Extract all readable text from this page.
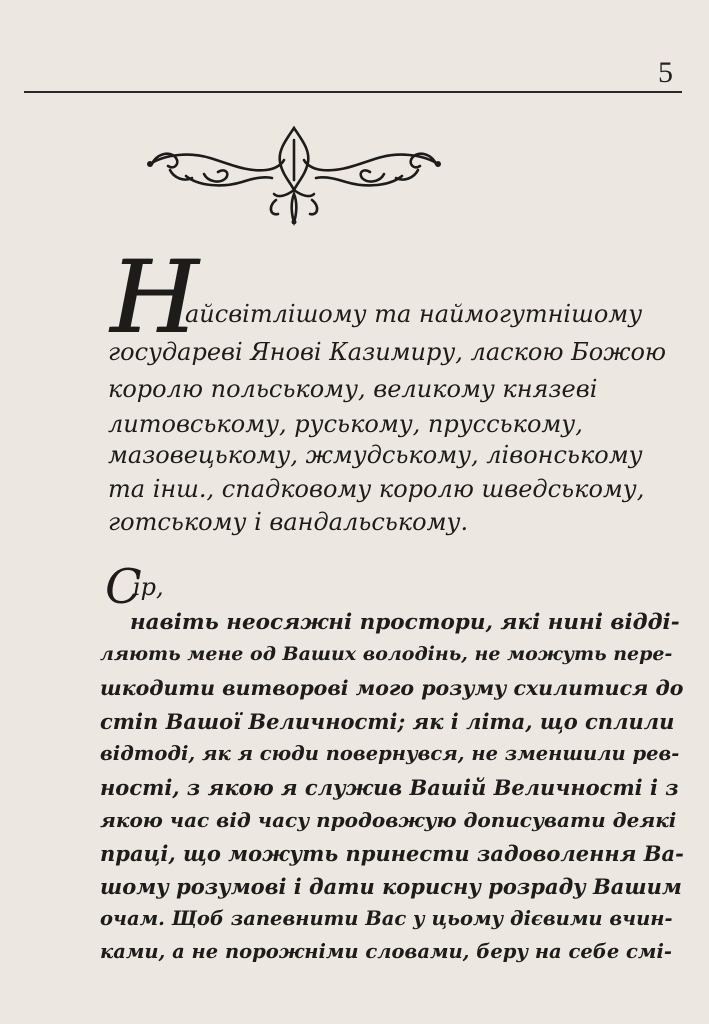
5
Н
айсвітлішому та наймогутнішому
государеві Янові Казимиру, ласкою Божою
королю польському, великому князеві
литовському, руському, прусському,
мазовецькому, жмудському, лівонському
та інш., спадковому королю шведському,
готському і вандальському.
С
ір,
навіть неосяжні простори, які нині відді-
ляють мене од Ваших володінь, не можуть пере-
шкодити витворові мого розуму схилитися до
стіп Вашої Величності; як і літа, що сплили
відтоді, як я сюди повернувся, не зменшили рев-
ності, з якою я служив Вашій Величності і з
якою час від часу продовжую дописувати деякі
праці, що можуть принести задоволення Ва-
шому розумові і дати корисну розраду Вашим
очам. Щоб запевнити Вас у цьому дієвими вчин-
ками, а не порожніми словами, беру на себе смі-
